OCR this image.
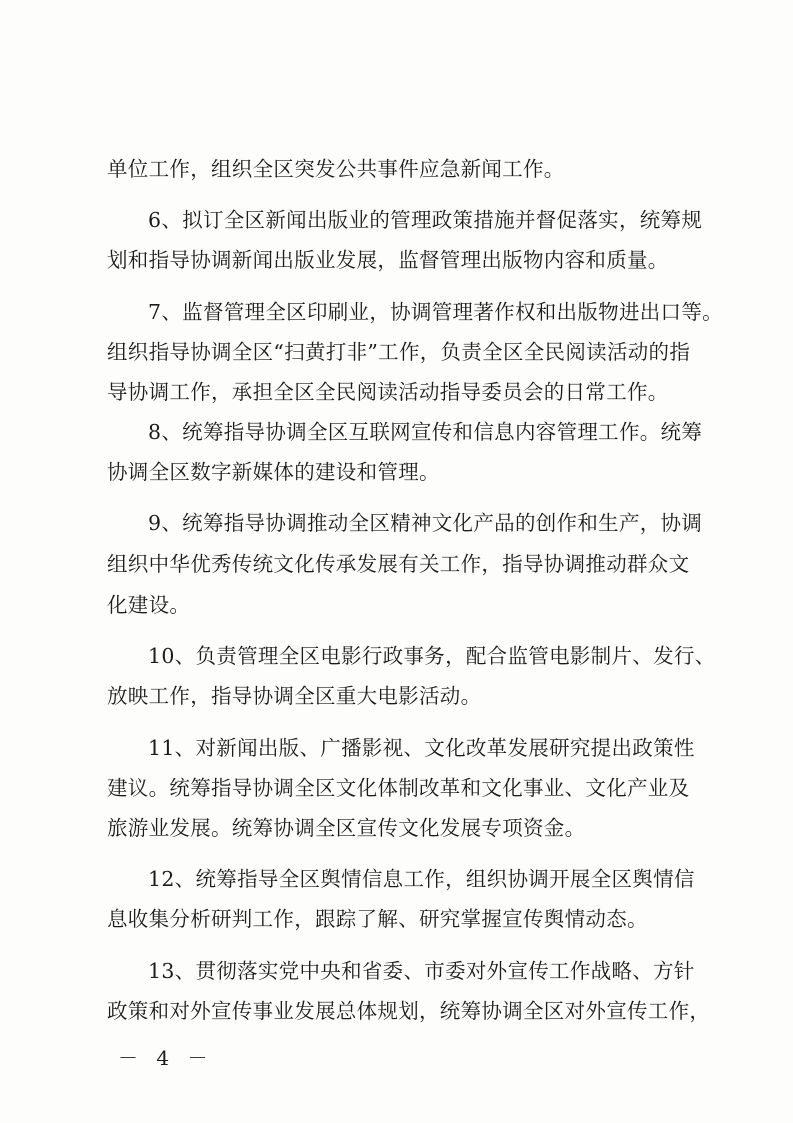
单位工作，组织全区突发公共事件应急新闻工作。
6、拟订全区新闻出版业的管理政策措施并督促落实，统筹规
划和指导协调新闻出版业发展，监督管理出版物内容和质量。
7、监督管理全区印刷业，协调管理著作权和出版物进出口等。
组织指导协调全区“扫黄打非”工作，负责全区全民阅读活动的指
导协调工作，承担全区全民阅读活动指导委员会的日常工作。
8、统筹指导协调全区互联网宣传和信息内容管理工作。统筹
协调全区数字新媒体的建设和管理。
9、统筹指导协调推动全区精神文化产品的创作和生产，协调
组织中华优秀传统文化传承发展有关工作，指导协调推动群众文
化建设。
10、负责管理全区电影行政事务，配合监管电影制片、发行、
放映工作，指导协调全区重大电影活动。
11、对新闻出版、广播影视、文化改革发展研究提出政策性
建议。统筹指导协调全区文化体制改革和文化事业、文化产业及
旅游业发展。统筹协调全区宣传文化发展专项资金。
12、统筹指导全区舆情信息工作，组织协调开展全区舆情信
息收集分析研判工作，跟踪了解、研究掌握宣传舆情动态。
13、贯彻落实党中央和省委、市委对外宣传工作战略、方针
政策和对外宣传事业发展总体规划，统筹协调全区对外宣传工作，
－ 4 －
